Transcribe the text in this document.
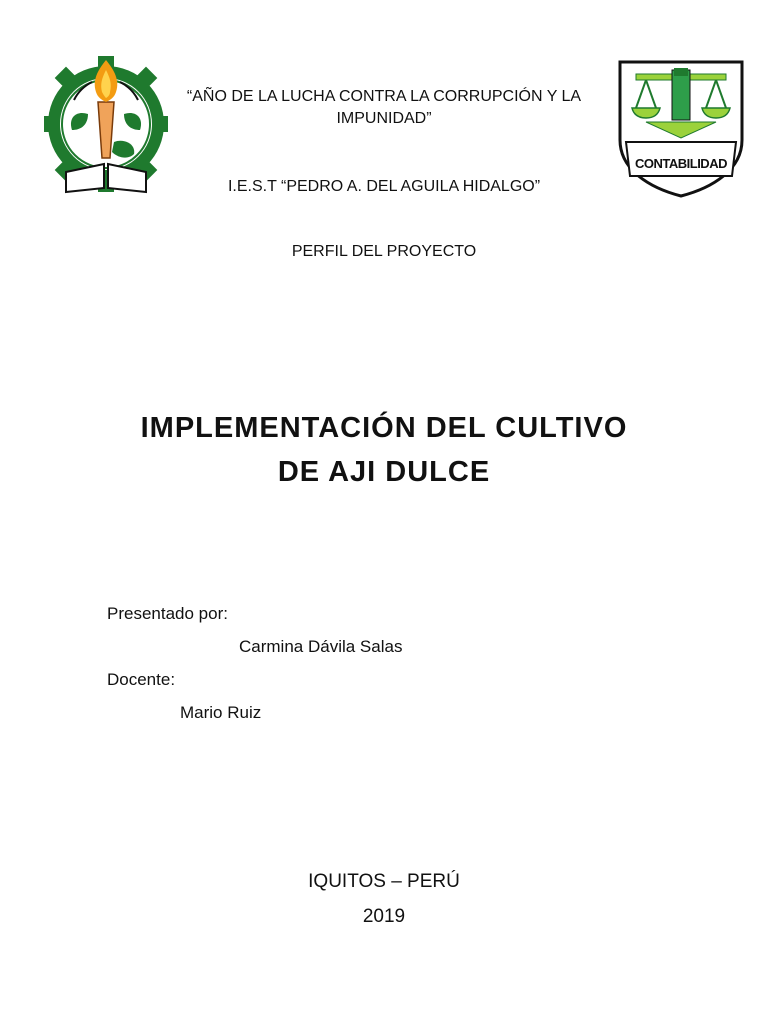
CONTABILIDAD
“AÑO DE LA LUCHA CONTRA LA CORRUPCIÓN Y LA IMPUNIDAD”
I.E.S.T “PEDRO A. DEL AGUILA HIDALGO”
PERFIL DEL PROYECTO
IMPLEMENTACIÓN DEL CULTIVO
DE AJI DULCE
Presentado por:
Carmina Dávila Salas
Docente:
Mario Ruiz
IQUITOS – PERÚ
2019
